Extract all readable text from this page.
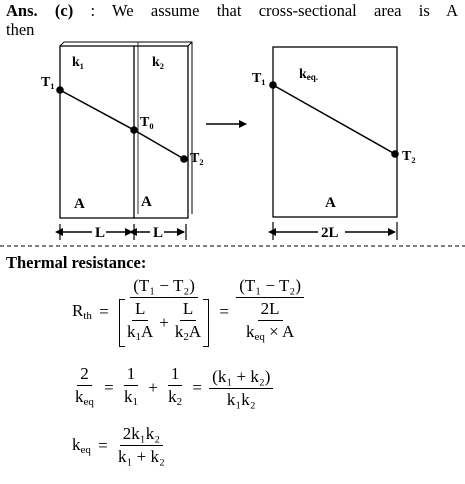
Ans. (c) : We assume that cross-sectional area is A
then
k₁	k₂
T₁
T₀
T₂
A	A
L	L
T₁ keq.
T₂
A
2L
Thermal resistance:
$R_{th}$ =
(T₁ − T₂)
$\frac{L}{k_1A} + \frac{L}{k_2A} = \frac{\text{(T₁ − T₂)}}{\frac{2L}{k_{eq} \times A}}$
$\frac{2}{k_{eq}} = \frac{1}{k_1} + \frac{1}{k_2} = \frac{\text{(k₁ + k₂)}}{\text{k₁k₂}}$
$k_{eq} = \frac{\text{2k₁k₂}}{\text{k₁ + k₂}}$
